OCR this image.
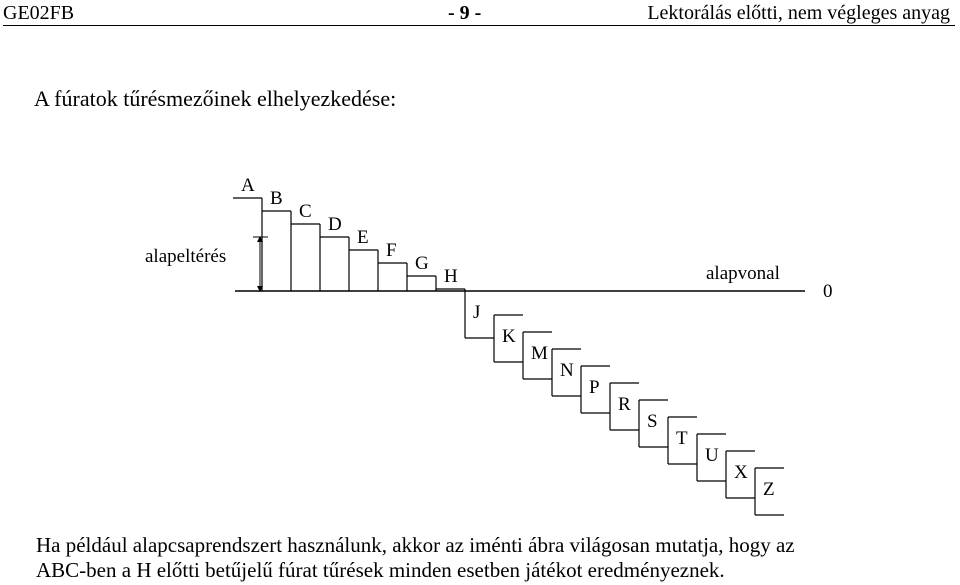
GE02FB	- 9 -	Lektorálás előtti, nem végleges anyag
A fúratok tűrésmezőinek elhelyezkedése:
A
B
C
D
E
F
G
H
J
K
M
N
P
R
S
T
U
X
Z
alapeltérés
alapvonal
0
Ha például alapcsaprendszert használunk, akkor az iménti ábra világosan mutatja, hogy az
ABC-ben a H előtti betűjelű fúrat tűrések minden esetben játékot eredményeznek.
